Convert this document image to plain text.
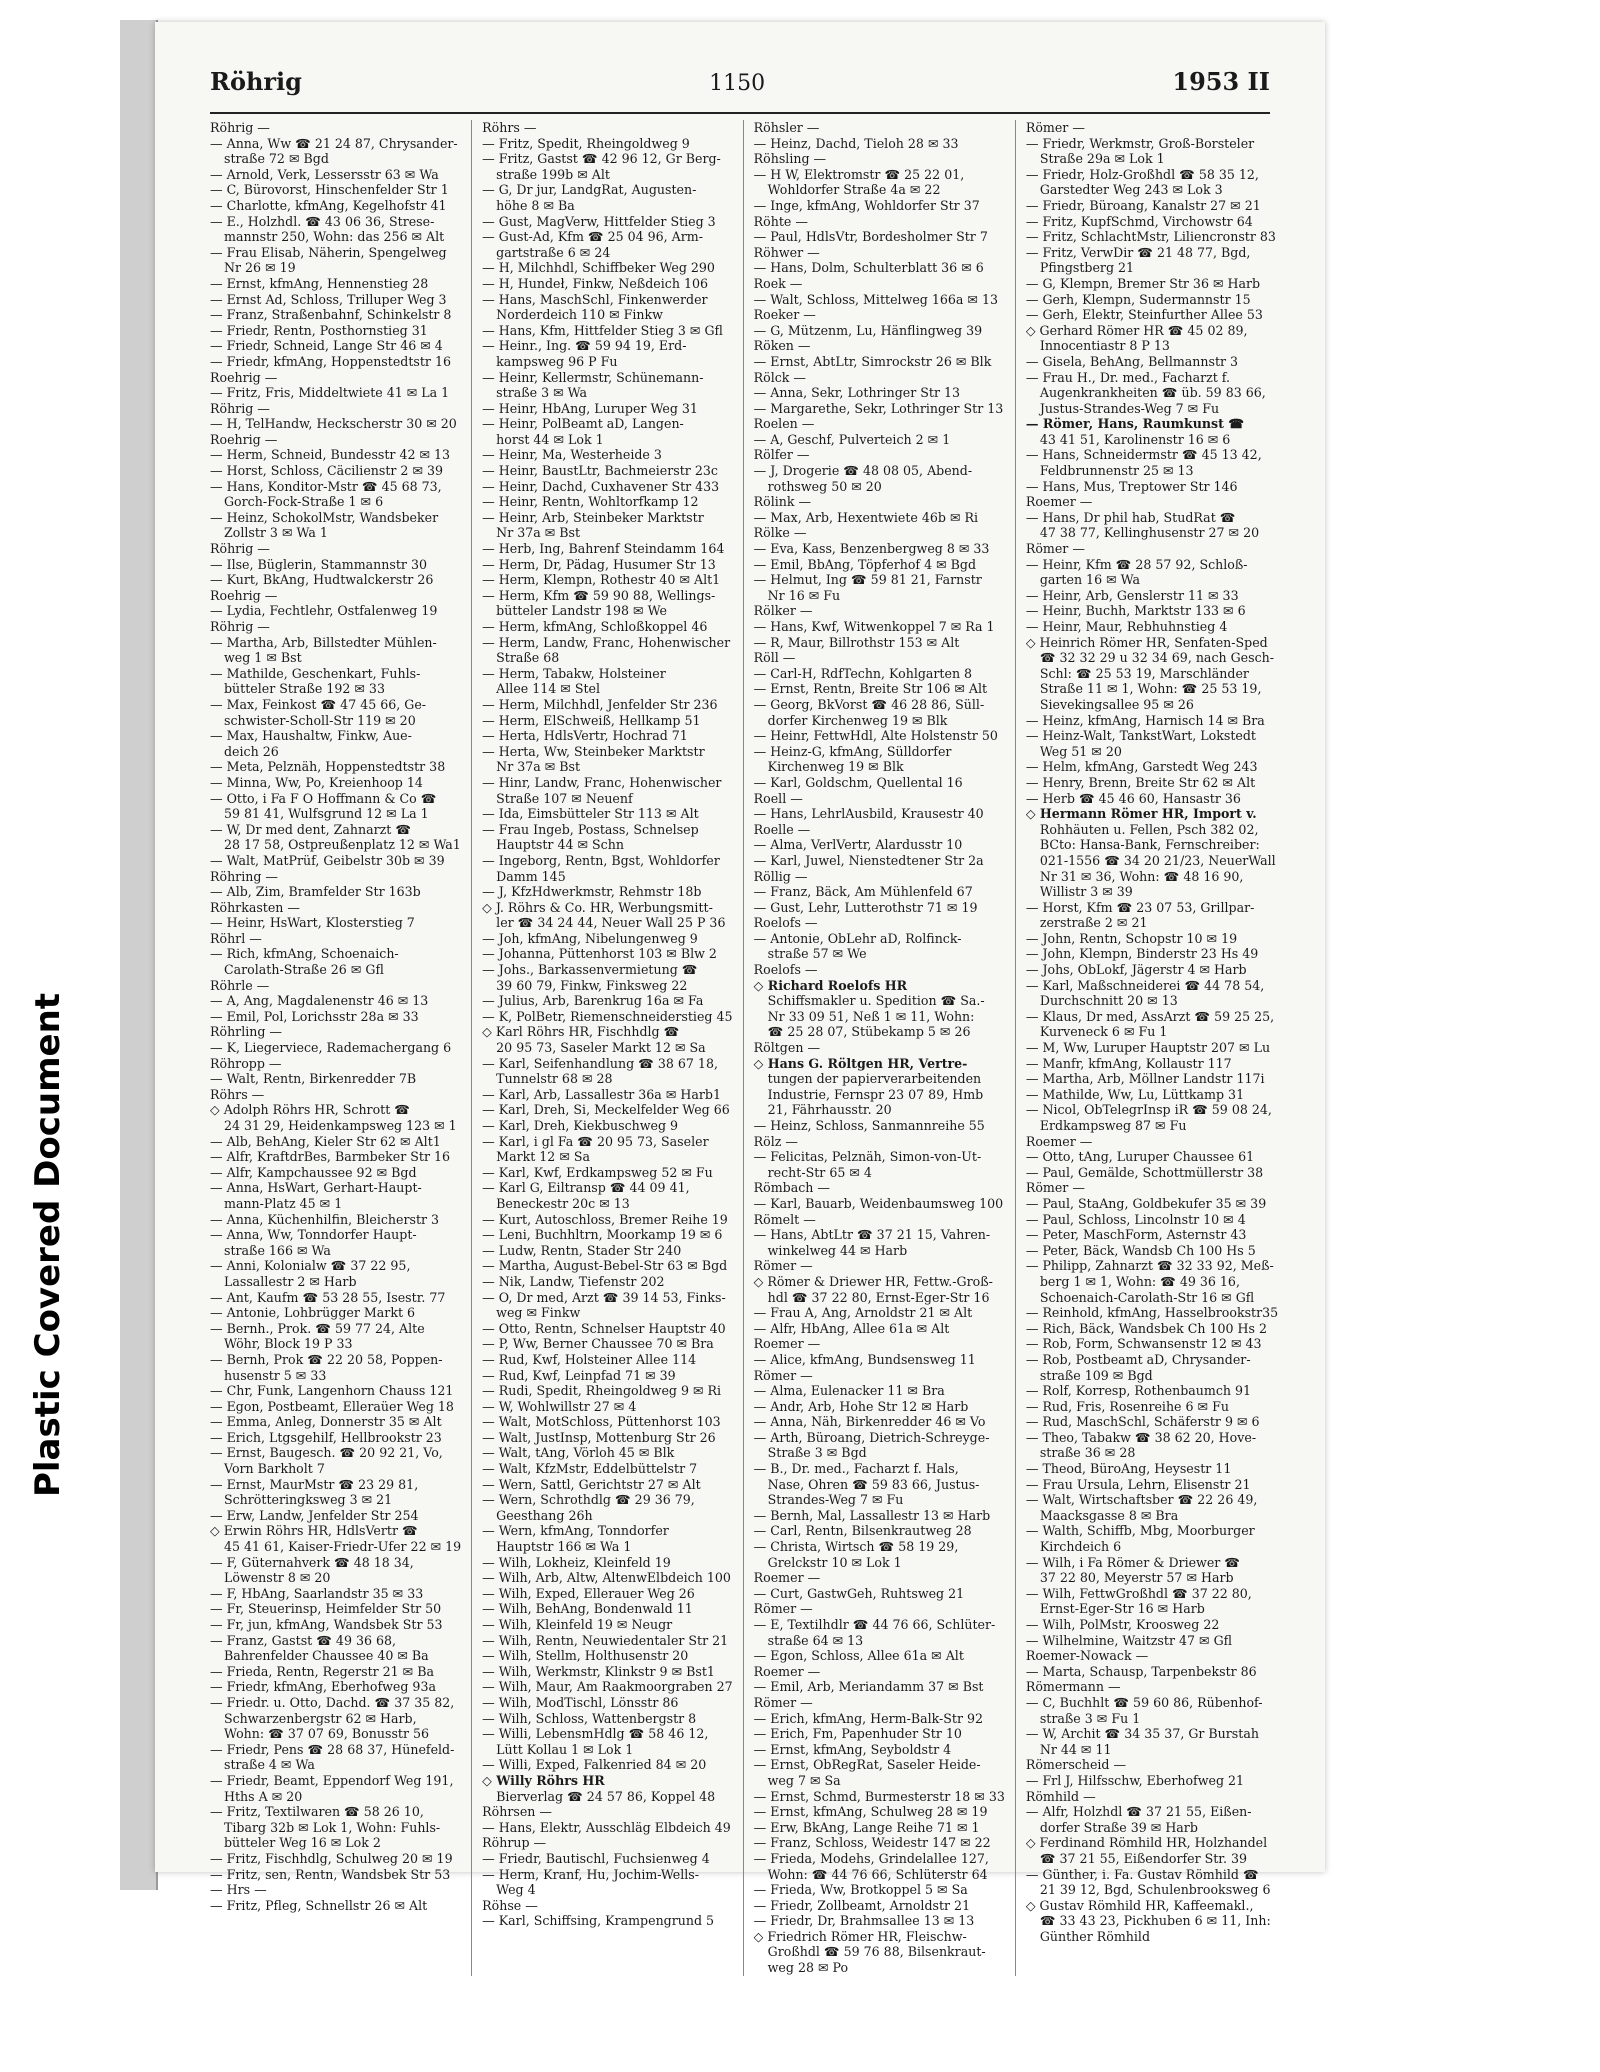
Plastic Covered Document
Röhrig	1150	1953 II
Röhrig —
— Anna, Ww ☎ 21 24 87, Chrysander-
straße 72 ✉ Bgd
— Arnold, Verk, Lessersstr 63 ✉ Wa
— C, Bürovorst, Hinschenfelder Str 1
— Charlotte, kfmAng, Kegelhofstr 41
— E., Holzhdl. ☎ 43 06 36, Strese-
mannstr 250, Wohn: das 256 ✉ Alt
— Frau Elisab, Näherin, Spengelweg
Nr 26 ✉ 19
— Ernst, kfmAng, Hennenstieg 28
— Ernst Ad, Schloss, Trilluper Weg 3
— Franz, Straßenbahnf, Schinkelstr 8
— Friedr, Rentn, Posthornstieg 31
— Friedr, Schneid, Lange Str 46 ✉ 4
— Friedr, kfmAng, Hoppenstedtstr 16
Roehrig —
— Fritz, Fris, Middeltwiete 41 ✉ La 1
Röhrig —
— H, TelHandw, Heckscherstr 30 ✉ 20
Roehrig —
— Herm, Schneid, Bundesstr 42 ✉ 13
— Horst, Schloss, Cäcilienstr 2 ✉ 39
— Hans, Konditor-Mstr ☎ 45 68 73,
Gorch-Fock-Straße 1 ✉ 6
— Heinz, SchokolMstr, Wandsbeker
Zollstr 3 ✉ Wa 1
Röhrig —
— Ilse, Büglerin, Stammannstr 30
— Kurt, BkAng, Hudtwalckerstr 26
Roehrig —
— Lydia, Fechtlehr, Ostfalenweg 19
Röhrig —
— Martha, Arb, Billstedter Mühlen-
weg 1 ✉ Bst
— Mathilde, Geschenkart, Fuhls-
bütteler Straße 192 ✉ 33
— Max, Feinkost ☎ 47 45 66, Ge-
schwister-Scholl-Str 119 ✉ 20
— Max, Haushaltw, Finkw, Aue-
deich 26
— Meta, Pelznäh, Hoppenstedtstr 38
— Minna, Ww, Po, Kreienhoop 14
— Otto, i Fa F O Hoffmann & Co ☎
59 81 41, Wulfsgrund 12 ✉ La 1
— W, Dr med dent, Zahnarzt ☎
28 17 58, Ostpreußenplatz 12 ✉ Wa1
— Walt, MatPrüf, Geibelstr 30b ✉ 39
Röhring —
— Alb, Zim, Bramfelder Str 163b
Röhrkasten —
— Heinr, HsWart, Klosterstieg 7
Röhrl —
— Rich, kfmAng, Schoenaich-
Carolath-Straße 26 ✉ Gfl
Röhrle —
— A, Ang, Magdalenenstr 46 ✉ 13
— Emil, Pol, Lorichsstr 28a ✉ 33
Röhrling —
— K, Liegerviece, Rademachergang 6
Röhropp —
— Walt, Rentn, Birkenredder 7B
Röhrs —
◇ Adolph Röhrs HR, Schrott ☎
24 31 29, Heidenkampsweg 123 ✉ 1
— Alb, BehAng, Kieler Str 62 ✉ Alt1
— Alfr, KraftdrBes, Barmbeker Str 16
— Alfr, Kampchaussee 92 ✉ Bgd
— Anna, HsWart, Gerhart-Haupt-
mann-Platz 45 ✉ 1
— Anna, Küchenhilfin, Bleicherstr 3
— Anna, Ww, Tonndorfer Haupt-
straße 166 ✉ Wa
— Anni, Kolonialw ☎ 37 22 95,
Lassallestr 2 ✉ Harb
— Ant, Kaufm ☎ 53 28 55, Isestr. 77
— Antonie, Lohbrügger Markt 6
— Bernh., Prok. ☎ 59 77 24, Alte
Wöhr, Block 19 P 33
— Bernh, Prok ☎ 22 20 58, Poppen-
husenstr 5 ✉ 33
— Chr, Funk, Langenhorn Chauss 121
— Egon, Postbeamt, Elleraüer Weg 18
— Emma, Anleg, Donnerstr 35 ✉ Alt
— Erich, Ltgsgehilf, Hellbrookstr 23
— Ernst, Baugesch. ☎ 20 92 21, Vo,
Vorn Barkholt 7
— Ernst, MaurMstr ☎ 23 29 81,
Schrötteringksweg 3 ✉ 21
— Erw, Landw, Jenfelder Str 254
◇ Erwin Röhrs HR, HdlsVertr ☎
45 41 61, Kaiser-Friedr-Ufer 22 ✉ 19
— F, Güternahverk ☎ 48 18 34,
Löwenstr 8 ✉ 20
— F, HbAng, Saarlandstr 35 ✉ 33
— Fr, Steuerinsp, Heimfelder Str 50
— Fr, jun, kfmAng, Wandsbek Str 53
— Franz, Gastst ☎ 49 36 68,
Bahrenfelder Chaussee 40 ✉ Ba
— Frieda, Rentn, Regerstr 21 ✉ Ba
— Friedr, kfmAng, Eberhofweg 93a
— Friedr. u. Otto, Dachd. ☎ 37 35 82,
Schwarzenbergstr 62 ✉ Harb,
Wohn: ☎ 37 07 69, Bonusstr 56
— Friedr, Pens ☎ 28 68 37, Hünefeld-
straße 4 ✉ Wa
— Friedr, Beamt, Eppendorf Weg 191,
Hths A ✉ 20
— Fritz, Textilwaren ☎ 58 26 10,
Tibarg 32b ✉ Lok 1, Wohn: Fuhls-
bütteler Weg 16 ✉ Lok 2
— Fritz, Fischhdlg, Schulweg 20 ✉ 19
— Fritz, sen, Rentn, Wandsbek Str 53
— Hrs —
— Fritz, Pfleg, Schnellstr 26 ✉ Alt
Röhrs —
— Fritz, Spedit, Rheingoldweg 9
— Fritz, Gastst ☎ 42 96 12, Gr Berg-
straße 199b ✉ Alt
— G, Dr jur, LandgRat, Augusten-
höhe 8 ✉ Ba
— Gust, MagVerw, Hittfelder Stieg 3
— Gust-Ad, Kfm ☎ 25 04 96, Arm-
gartstraße 6 ✉ 24
— H, Milchhdl, Schiffbeker Weg 290
— H, Hundeł, Finkw, Neßdeich 106
— Hans, MaschSchl, Finkenwerder
Norderdeich 110 ✉ Finkw
— Hans, Kfm, Hittfelder Stieg 3 ✉ Gfl
— Heinr., Ing. ☎ 59 94 19, Erd-
kampsweg 96 P Fu
— Heinr, Kellermstr, Schünemann-
straße 3 ✉ Wa
— Heinr, HbAng, Luruper Weg 31
— Heinr, PolBeamt aD, Langen-
horst 44 ✉ Lok 1
— Heinr, Ma, Westerheide 3
— Heinr, BaustLtr, Bachmeierstr 23c
— Heinr, Dachd, Cuxhavener Str 433
— Heinr, Rentn, Wohltorfkamp 12
— Heinr, Arb, Steinbeker Marktstr
Nr 37a ✉ Bst
— Herb, Ing, Bahrenf Steindamm 164
— Herm, Dr, Pädag, Husumer Str 13
— Herm, Klempn, Rothestr 40 ✉ Alt1
— Herm, Kfm ☎ 59 90 88, Wellings-
bütteler Landstr 198 ✉ We
— Herm, kfmAng, Schloßkoppel 46
— Herm, Landw, Franc, Hohenwischer
Straße 68
— Herm, Tabakw, Holsteiner
Allee 114 ✉ Stel
— Herm, Milchhdl, Jenfelder Str 236
— Herm, ElSchweiß, Hellkamp 51
— Herta, HdlsVertr, Hochrad 71
— Herta, Ww, Steinbeker Marktstr
Nr 37a ✉ Bst
— Hinr, Landw, Franc, Hohenwischer
Straße 107 ✉ Neuenf
— Ida, Eimsbütteler Str 113 ✉ Alt
— Frau Ingeb, Postass, Schnelsер
Hauptstr 44 ✉ Schn
— Ingeborg, Rentn, Bgst, Wohldorfer
Damm 145
— J, KfzHdwerkmstr, Rehmstr 18b
◇ J. Röhrs & Co. HR, Werbungsmitt-
ler ☎ 34 24 44, Neuer Wall 25 P 36
— Joh, kfmAng, Nibelungenweg 9
— Johanna, Püttenhorst 103 ✉ Blw 2
— Johs., Barkassenvermietung ☎
39 60 79, Finkw, Finksweg 22
— Julius, Arb, Barenkrug 16a ✉ Fa
— K, PolBetr, Riemenschneiderstieg 45
◇ Karl Röhrs HR, Fischhdlg ☎
20 95 73, Saseler Markt 12 ✉ Sa
— Karl, Seifenhandlung ☎ 38 67 18,
Tunnelstr 68 ✉ 28
— Karl, Arb, Lassallestr 36a ✉ Harb1
— Karl, Dreh, Si, Meckelfelder Weg 66
— Karl, Dreh, Kiekbuschweg 9
— Karl, i gl Fa ☎ 20 95 73, Saseler
Markt 12 ✉ Sa
— Karl, Kwf, Erdkampsweg 52 ✉ Fu
— Karl G, Eiltransp ☎ 44 09 41,
Beneckestr 20c ✉ 13
— Kurt, Autoschloss, Bremer Reihe 19
— Leni, Buchhltrn, Moorkamp 19 ✉ 6
— Ludw, Rentn, Stader Str 240
— Martha, August-Bebel-Str 63 ✉ Bgd
— Nik, Landw, Tiefenstr 202
— O, Dr med, Arzt ☎ 39 14 53, Finks-
weg ✉ Finkw
— Otto, Rentn, Schnelser Hauptstr 40
— P, Ww, Berner Chaussee 70 ✉ Bra
— Rud, Kwf, Holsteiner Allee 114
— Rud, Kwf, Leinpfad 71 ✉ 39
— Rudi, Spedit, Rheingoldweg 9 ✉ Ri
— W, Wohlwillstr 27 ✉ 4
— Walt, MotSchloss, Püttenhorst 103
— Walt, JustInsp, Mottenburg Str 26
— Walt, tAng, Vörloh 45 ✉ Blk
— Walt, KfzMstr, Eddelbüttelstr 7
— Wern, Sattl, Gerichtstr 27 ✉ Alt
— Wern, Schrothdlg ☎ 29 36 79,
Geesthang 26h
— Wern, kfmAng, Tonndorfer
Hauptstr 166 ✉ Wa 1
— Wilh, Lokheiz, Kleinfeld 19
— Wilh, Arb, Altw, AltenwElbdeich 100
— Wilh, Exped, Ellerauer Weg 26
— Wilh, BehAng, Bondenwald 11
— Wilh, Kleinfeld 19 ✉ Neugr
— Wilh, Rentn, Neuwiedentaler Str 21
— Wilh, Stellm, Holthusenstr 20
— Wilh, Werkmstr, Klinkstr 9 ✉ Bst1
— Wilh, Maur, Am Raakmoorgraben 27
— Wilh, ModTischl, Lönsstr 86
— Wilh, Schloss, Wattenbergstr 8
— Willi, LebensmHdlg ☎ 58 46 12,
Lütt Kollau 1 ✉ Lok 1
— Willi, Exped, Falkenried 84 ✉ 20
◇ Willy Röhrs HR
Bierverlag ☎ 24 57 86, Koppel 48
Röhrsen —
— Hans, Elektr, Ausschläg Elbdeich 49
Röhrup —
— Friedr, Bautischl, Fuchsienweg 4
— Herm, Kranf, Hu, Jochim-Wells-
Weg 4
Röhse —
— Karl, Schiffsing, Krampengrund 5
Röhsler —
— Heinz, Dachd, Tieloh 28 ✉ 33
Röhsling —
— H W, Elektromstr ☎ 25 22 01,
Wohldorfer Straße 4a ✉ 22
— Inge, kfmAng, Wohldorfer Str 37
Röhte —
— Paul, HdlsVtr, Bordesholmer Str 7
Röhwer —
— Hans, Dolm, Schulterblatt 36 ✉ 6
Roek —
— Walt, Schloss, Mittelweg 166a ✉ 13
Roeker —
— G, Mützenm, Lu, Hänflingweg 39
Röken —
— Ernst, AbtLtr, Simrockstr 26 ✉ Blk
Rölck —
— Anna, Sekr, Lothringer Str 13
— Margarethe, Sekr, Lothringer Str 13
Roelen —
— A, Geschf, Pulverteich 2 ✉ 1
Rölfer —
— J, Drogerie ☎ 48 08 05, Abend-
rothsweg 50 ✉ 20
Rölink —
— Max, Arb, Hexentwiete 46b ✉ Ri
Rölke —
— Eva, Kass, Benzenbergweg 8 ✉ 33
— Emil, BbAng, Töpferhof 4 ✉ Bgd
— Helmut, Ing ☎ 59 81 21, Farnstr
Nr 16 ✉ Fu
Rölker —
— Hans, Kwf, Witwenkoppel 7 ✉ Ra 1
— R, Maur, Billrothstr 153 ✉ Alt
Röll —
— Carl-H, RdfTechn, Kohlgarten 8
— Ernst, Rentn, Breite Str 106 ✉ Alt
— Georg, BkVorst ☎ 46 28 86, Süll-
dorfer Kirchenweg 19 ✉ Blk
— Heinr, FettwHdl, Alte Holstenstr 50
— Heinz-G, kfmAng, Sülldorfer
Kirchenweg 19 ✉ Blk
— Karl, Goldschm, Quellental 16
Roell —
— Hans, LehrlAusbild, Krausestr 40
Roelle —
— Alma, VerlVertr, Alardusstr 10
— Karl, Juwel, Nienstedtener Str 2a
Röllig —
— Franz, Bäck, Am Mühlenfeld 67
— Gust, Lehr, Lutterothstr 71 ✉ 19
Roelofs —
— Antonie, ObLehr aD, Rolfinck-
straße 57 ✉ We
Roelofs —
◇ Richard Roelofs HR
Schiffsmakler u. Spedition ☎ Sa.-
Nr 33 09 51, Neß 1 ✉ 11, Wohn:
☎ 25 28 07, Stübekamp 5 ✉ 26
Röltgen —
◇ Hans G. Röltgen HR, Vertre-
tungen der papierverarbeitenden
Industrie, Fernspr 23 07 89, Hmb
21, Fährhausstr. 20
— Heinz, Schloss, Sanmannreihe 55
Rölz —
— Felicitas, Pelznäh, Simon-von-Ut-
recht-Str 65 ✉ 4
Römbach —
— Karl, Bauarb, Weidenbaumsweg 100
Römelt —
— Hans, AbtLtr ☎ 37 21 15, Vahren-
winkelweg 44 ✉ Harb
Römer —
◇ Römer & Driewer HR, Fettw.-Groß-
hdl ☎ 37 22 80, Ernst-Eger-Str 16
— Frau A, Ang, Arnoldstr 21 ✉ Alt
— Alfr, HbAng, Allee 61a ✉ Alt
Roemer —
— Alice, kfmAng, Bundsensweg 11
Römer —
— Alma, Eulenacker 11 ✉ Bra
— Andr, Arb, Hohe Str 12 ✉ Harb
— Anna, Näh, Birkenredder 46 ✉ Vo
— Arth, Büroang, Dietrich-Schreyge-
Straße 3 ✉ Bgd
— B., Dr. med., Facharzt f. Hals,
Nase, Ohren ☎ 59 83 66, Justus-
Strandes-Weg 7 ✉ Fu
— Bernh, Mal, Lassallestr 13 ✉ Harb
— Carl, Rentn, Bilsenkrautweg 28
— Christa, Wirtsch ☎ 58 19 29,
Grelckstr 10 ✉ Lok 1
Roemer —
— Curt, GastwGeh, Ruhtsweg 21
Römer —
— E, Textilhdlr ☎ 44 76 66, Schlüter-
straße 64 ✉ 13
— Egon, Schloss, Allee 61a ✉ Alt
Roemer —
— Emil, Arb, Meriandamm 37 ✉ Bst
Römer —
— Erich, kfmAng, Herm-Balk-Str 92
— Erich, Fm, Papenhuder Str 10
— Ernst, kfmAng, Seyboldstr 4
— Ernst, ObRegRat, Saseler Heide-
weg 7 ✉ Sa
— Ernst, Schmd, Burmesterstr 18 ✉ 33
— Ernst, kfmAng, Schulweg 28 ✉ 19
— Erw, BkAng, Lange Reihe 71 ✉ 1
— Franz, Schloss, Weidestr 147 ✉ 22
— Frieda, Modehs, Grindelallee 127,
Wohn: ☎ 44 76 66, Schlüterstr 64
— Frieda, Ww, Brotkoppel 5 ✉ Sa
— Friedr, Zollbeamt, Arnoldstr 21
— Friedr, Dr, Brahmsallee 13 ✉ 13
◇ Friedrich Römer HR, Fleischw-
Großhdl ☎ 59 76 88, Bilsenkraut-
weg 28 ✉ Po
Römer —
— Friedr, Werkmstr, Groß-Borsteler
Straße 29a ✉ Lok 1
— Friedr, Holz-Großhdl ☎ 58 35 12,
Garstedter Weg 243 ✉ Lok 3
— Friedr, Büroang, Kanalstr 27 ✉ 21
— Fritz, KupfSchmd, Virchowstr 64
— Fritz, SchlachtMstr, Liliencronstr 83
— Fritz, VerwDir ☎ 21 48 77, Bgd,
Pfingstberg 21
— G, Klempn, Bremer Str 36 ✉ Harb
— Gerh, Klempn, Sudermannstr 15
— Gerh, Elektr, Steinfurther Allee 53
◇ Gerhard Römer HR ☎ 45 02 89,
Innocentiastr 8 P 13
— Gisela, BehAng, Bellmannstr 3
— Frau H., Dr. med., Facharzt f.
Augenkrankheiten ☎ üb. 59 83 66,
Justus-Strandes-Weg 7 ✉ Fu
— Römer, Hans, Raumkunst ☎
43 41 51, Karolinenstr 16 ✉ 6
— Hans, Schneidermstr ☎ 45 13 42,
Feldbrunnenstr 25 ✉ 13
— Hans, Mus, Treptower Str 146
Roemer —
— Hans, Dr phil hab, StudRat ☎
47 38 77, Kellinghusenstr 27 ✉ 20
Römer —
— Heinr, Kfm ☎ 28 57 92, Schloß-
garten 16 ✉ Wa
— Heinr, Arb, Genslerstr 11 ✉ 33
— Heinr, Buchh, Marktstr 133 ✉ 6
— Heinr, Maur, Rebhuhnstieg 4
◇ Heinrich Römer HR, Senfaten-Sped
☎ 32 32 29 u 32 34 69, nach Gesch-
Schl: ☎ 25 53 19, Marschländer
Straße 11 ✉ 1, Wohn: ☎ 25 53 19,
Sievekingsallee 95 ✉ 26
— Heinz, kfmAng, Harnisch 14 ✉ Bra
— Heinz-Walt, TankstWart, Lokstedt
Weg 51 ✉ 20
— Helm, kfmAng, Garstedt Weg 243
— Henry, Brenn, Breite Str 62 ✉ Alt
— Herb ☎ 45 46 60, Hansastr 36
◇ Hermann Römer HR, Import v.
Rohhäuten u. Fellen, Psch 382 02,
BCto: Hansa-Bank, Fernschreiber:
021-1556 ☎ 34 20 21/23, NeuerWall
Nr 31 ✉ 36, Wohn: ☎ 48 16 90,
Willistr 3 ✉ 39
— Horst, Kfm ☎ 23 07 53, Grillpar-
zerstraße 2 ✉ 21
— John, Rentn, Schopstr 10 ✉ 19
— John, Klempn, Binderstr 23 Hs 49
— Johs, ObLokf, Jägerstr 4 ✉ Harb
— Karl, Maßschneiderei ☎ 44 78 54,
Durchschnitt 20 ✉ 13
— Klaus, Dr med, AssArzt ☎ 59 25 25,
Kurveneck 6 ✉ Fu 1
— M, Ww, Luruper Hauptstr 207 ✉ Lu
— Manfr, kfmAng, Kollaustr 117
— Martha, Arb, Möllner Landstr 117i
— Mathilde, Ww, Lu, Lüttkamp 31
— Nicol, ObTelegrInsp iR ☎ 59 08 24,
Erdkampsweg 87 ✉ Fu
Roemer —
— Otto, tAng, Luruper Chaussee 61
— Paul, Gemälde, Schottmüllerstr 38
Römer —
— Paul, StaAng, Goldbekufer 35 ✉ 39
— Paul, Schloss, Lincolnstr 10 ✉ 4
— Peter, MaschForm, Asternstr 43
— Peter, Bäck, Wandsb Ch 100 Hs 5
— Philipp, Zahnarzt ☎ 32 33 92, Meß-
berg 1 ✉ 1, Wohn: ☎ 49 36 16,
Schoenaich-Carolath-Str 16 ✉ Gfl
— Reinhold, kfmAng, Hasselbrookstr35
— Rich, Bäck, Wandsbek Ch 100 Hs 2
— Rob, Form, Schwansenstr 12 ✉ 43
— Rob, Postbeamt aD, Chrysander-
straße 109 ✉ Bgd
— Rolf, Korresp, Rothenbaumch 91
— Rud, Fris, Rosenreihe 6 ✉ Fu
— Rud, MaschSchl, Schäferstr 9 ✉ 6
— Theo, Tabakw ☎ 38 62 20, Hove-
straße 36 ✉ 28
— Theod, BüroAng, Heysestr 11
— Frau Ursula, Lehrn, Elisenstr 21
— Walt, Wirtschaftsber ☎ 22 26 49,
Maacksgasse 8 ✉ Bra
— Walth, Schiffb, Mbg, Moorburger
Kirchdeich 6
— Wilh, i Fa Römer & Driewer ☎
37 22 80, Meyerstr 57 ✉ Harb
— Wilh, FettwGroßhdl ☎ 37 22 80,
Ernst-Eger-Str 16 ✉ Harb
— Wilh, PolMstr, Kroosweg 22
— Wilhelmine, Waitzstr 47 ✉ Gfl
Roemer-Nowack —
— Marta, Schausp, Tarpenbekstr 86
Römermann —
— C, Buchhlt ☎ 59 60 86, Rübenhof-
straße 3 ✉ Fu 1
— W, Archit ☎ 34 35 37, Gr Burstah
Nr 44 ✉ 11
Römerscheid —
— Frl J, Hilfsschw, Eberhofweg 21
Römhild —
— Alfr, Holzhdl ☎ 37 21 55, Eißen-
dorfer Straße 39 ✉ Harb
◇ Ferdinand Römhild HR, Holzhandel
☎ 37 21 55, Eißendorfer Str. 39
— Günther, i. Fa. Gustav Römhild ☎
21 39 12, Bgd, Schulenbrooksweg 6
◇ Gustav Römhild HR, Kaffeemakl.,
☎ 33 43 23, Pickhuben 6 ✉ 11, Inh:
Günther Römhild
